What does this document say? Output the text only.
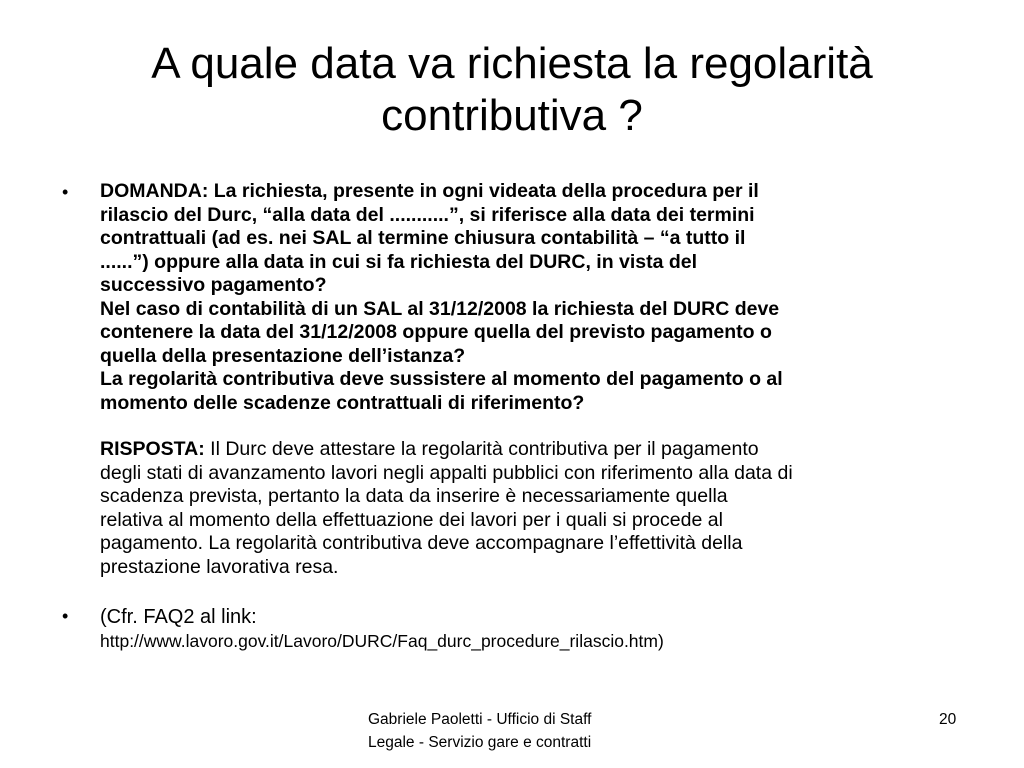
A quale data va richiesta la regolarità
contributiva ?
• DOMANDA: La richiesta, presente in ogni videata della procedura per il
rilascio del Durc, “alla data del ...........”, si riferisce alla data dei termini
contrattuali (ad es. nei SAL al termine chiusura contabilità – “a tutto il
......”) oppure alla data in cui si fa richiesta del DURC, in vista del
successivo pagamento?
Nel caso di contabilità di un SAL al 31/12/2008 la richiesta del DURC deve
contenere la data del 31/12/2008 oppure quella del previsto pagamento o
quella della presentazione dell’istanza?
La regolarità contributiva deve sussistere al momento del pagamento o al
momento delle scadenze contrattuali di riferimento?
RISPOSTA: Il Durc deve attestare la regolarità contributiva per il pagamento
degli stati di avanzamento lavori negli appalti pubblici con riferimento alla data di
scadenza prevista, pertanto la data da inserire è necessariamente quella
relativa al momento della effettuazione dei lavori per i quali si procede al
pagamento. La regolarità contributiva deve accompagnare l’effettività della
prestazione lavorativa resa.
• (Cfr. FAQ2 al link:
http://www.lavoro.gov.it/Lavoro/DURC/Faq_durc_procedure_rilascio.htm)
Gabriele Paoletti - Ufficio di Staff
Legale - Servizio gare e contratti
20
